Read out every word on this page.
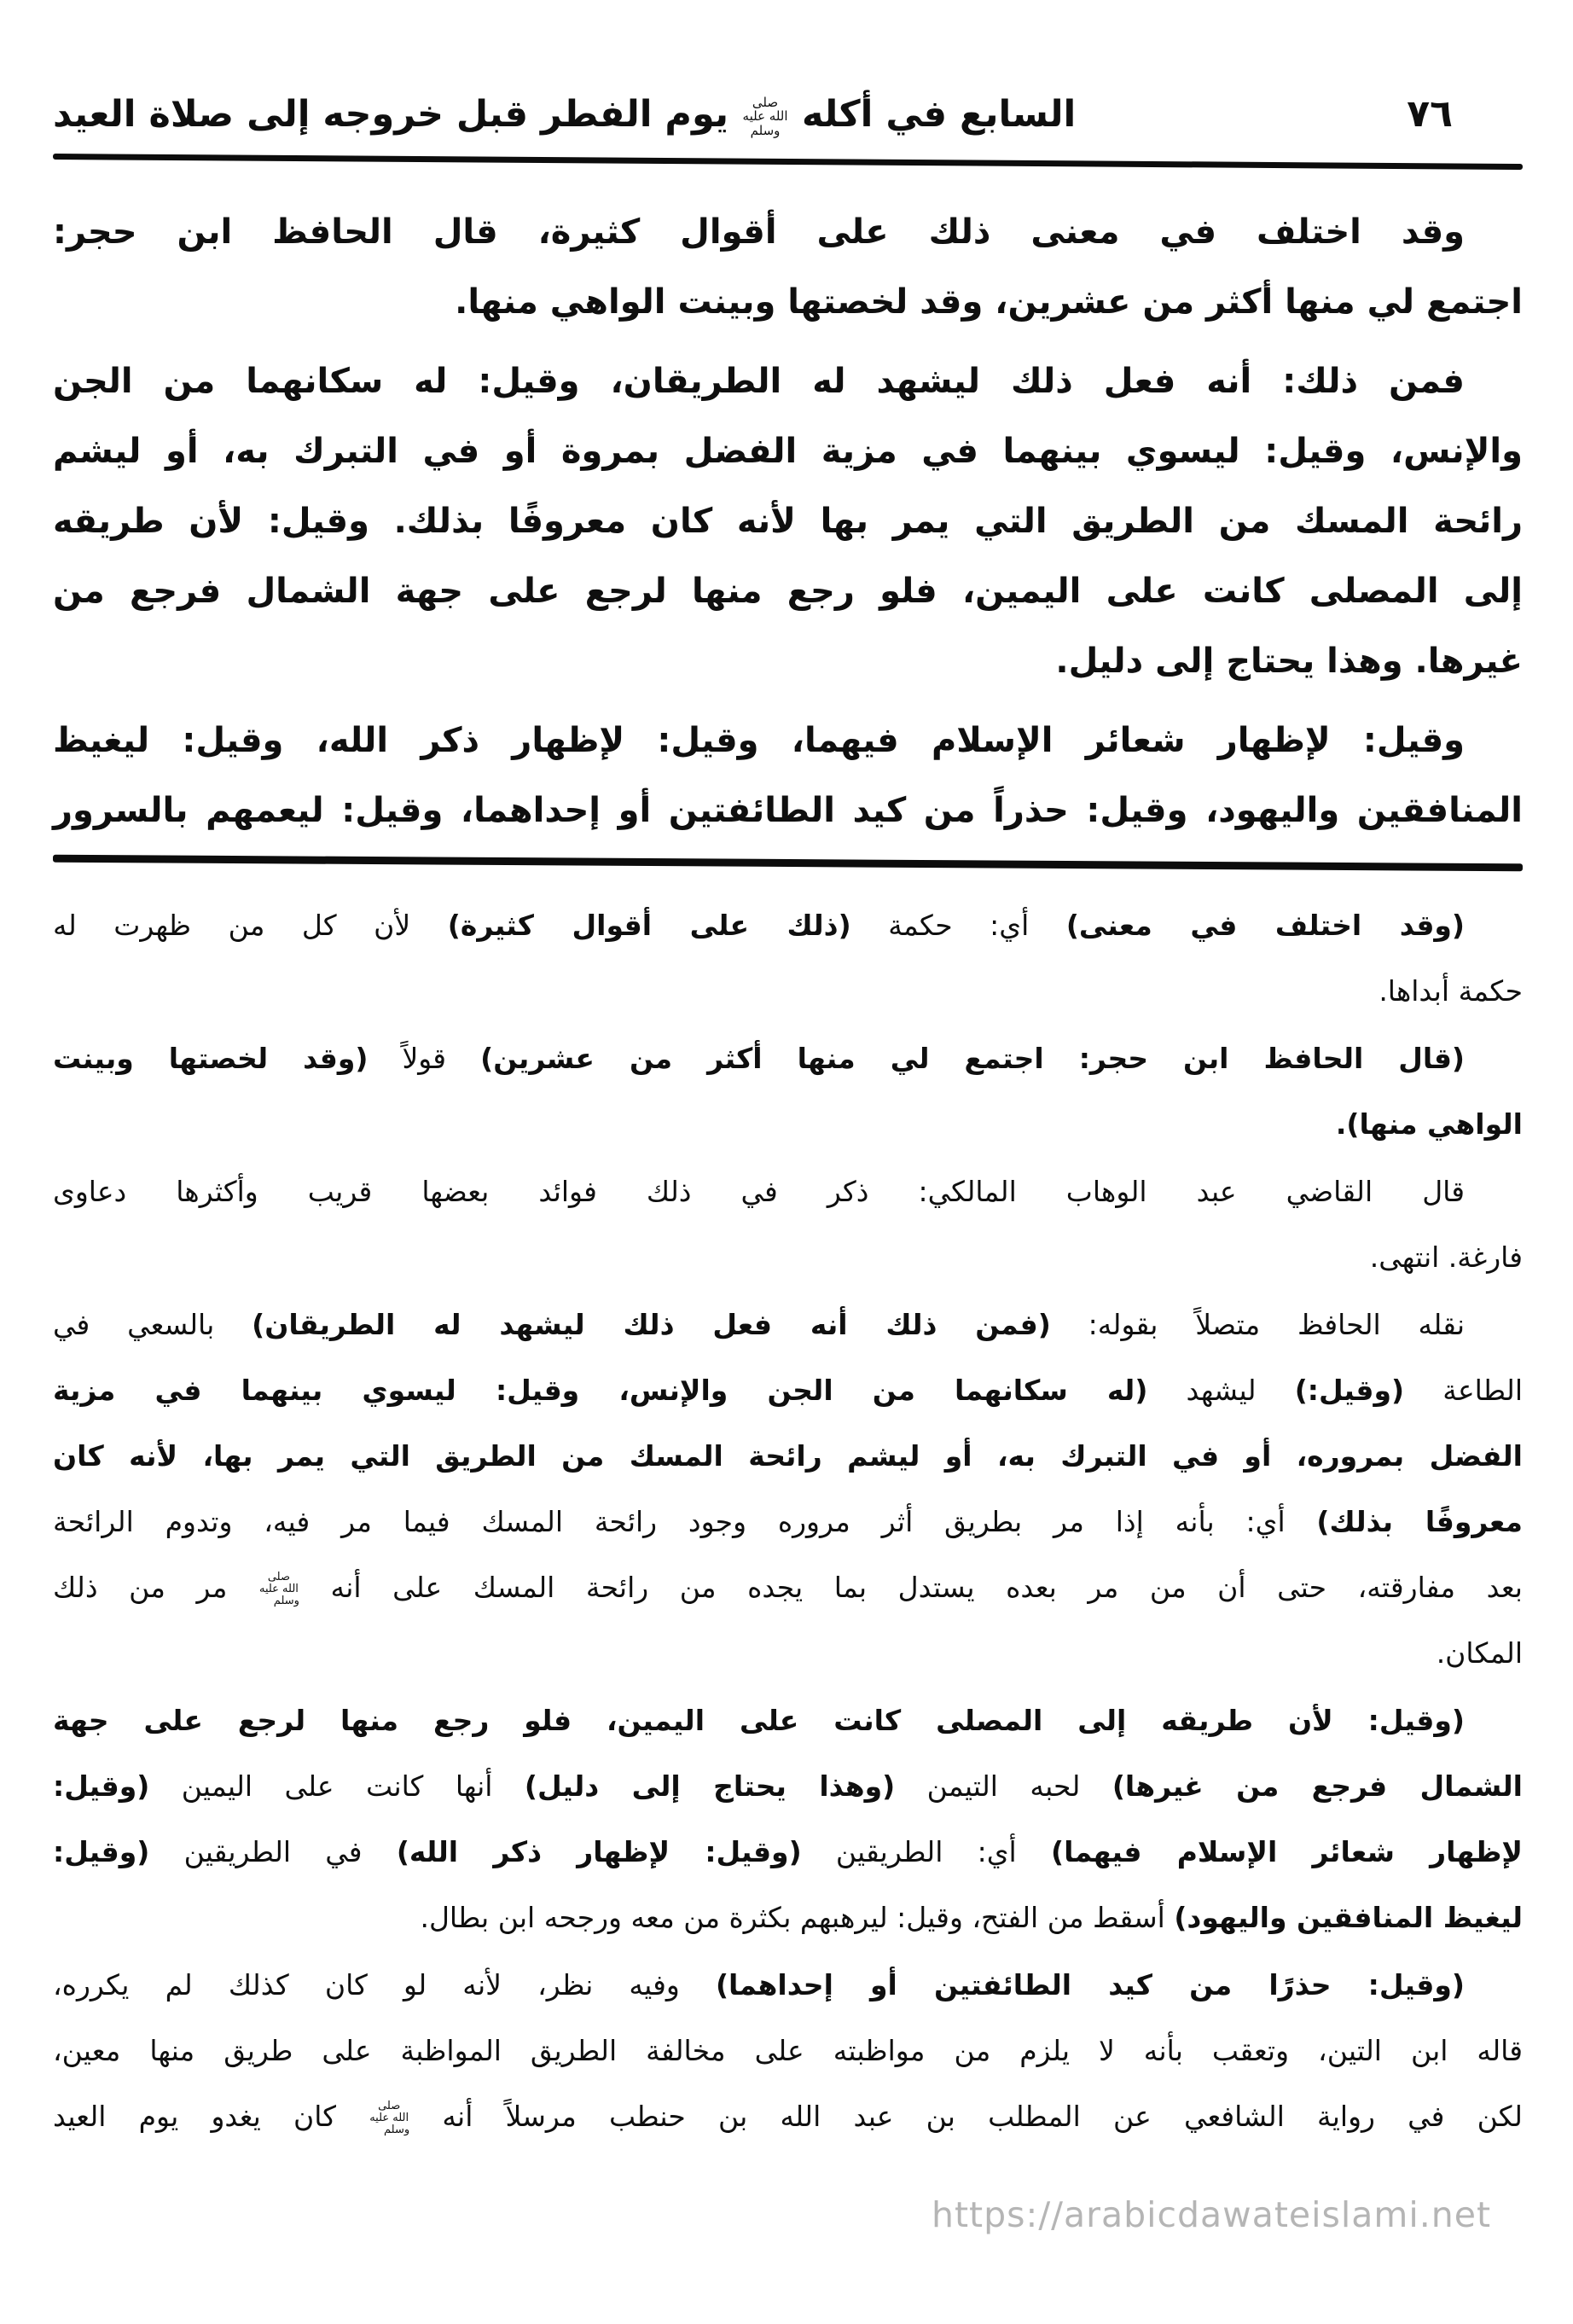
٧٦
السابع في أكله صلى الله عليه وسلم يوم الفطر قبل خروجه إلى صلاة العيد
وقد اختلف في معنى ذلك على أقوال كثيرة، قال الحافظ ابن حجر:
اجتمع لي منها أكثر من عشرين، وقد لخصتها وبينت الواهي منها.
فمن ذلك: أنه فعل ذلك ليشهد له الطريقان، وقيل: له سكانهما من الجن
والإنس، وقيل: ليسوي بينهما في مزية الفضل بمروة أو في التبرك به، أو ليشم
رائحة المسك من الطريق التي يمر بها لأنه كان معروفًا بذلك. وقيل: لأن طريقه
إلى المصلى كانت على اليمين، فلو رجع منها لرجع على جهة الشمال فرجع من
غيرها. وهذا يحتاج إلى دليل.
وقيل: لإظهار شعائر الإسلام فيهما، وقيل: لإظهار ذكر الله، وقيل: ليغيظ
المنافقين واليهود، وقيل: حذراً من كيد الطائفتين أو إحداهما، وقيل: ليعمهم بالسرور
(وقد اختلف في معنى) أي: حكمة (ذلك على أقوال كثيرة) لأن كل من ظهرت له
حكمة أبداها.
(قال الحافظ ابن حجر: اجتمع لي منها أكثر من عشرين) قولاً (وقد لخصتها وبينت
الواهي منها).
قال القاضي عبد الوهاب المالكي: ذكر في ذلك فوائد بعضها قريب وأكثرها دعاوى
فارغة. انتهى.
نقله الحافظ متصلاً بقوله: (فمن ذلك أنه فعل ذلك ليشهد له الطريقان) بالسعي في
الطاعة (وقيل:) ليشهد (له سكانهما من الجن والإنس، وقيل: ليسوي بينهما في مزية
الفضل بمروره، أو في التبرك به، أو ليشم رائحة المسك من الطريق التي يمر بها، لأنه كان
معروفًا بذلك) أي: بأنه إذا مر بطريق أثر مروره وجود رائحة المسك فيما مر فيه، وتدوم الرائحة
بعد مفارقته، حتى أن من مر بعده يستدل بما يجده من رائحة المسك على أنه صلى الله عليه وسلم مر من ذلك
المكان.
(وقيل: لأن طريقه إلى المصلى كانت على اليمين، فلو رجع منها لرجع على جهة
الشمال فرجع من غيرها) لحبه التيمن (وهذا يحتاج إلى دليل) أنها كانت على اليمين (وقيل:
لإظهار شعائر الإسلام فيهما) أي: الطريقين (وقيل: لإظهار ذكر الله) في الطريقين (وقيل:
ليغيظ المنافقين واليهود) أسقط من الفتح، وقيل: ليرهبهم بكثرة من معه ورجحه ابن بطال.
(وقيل: حذرًا من كيد الطائفتين أو إحداهما) وفيه نظر، لأنه لو كان كذلك لم يكرره،
قاله ابن التين، وتعقب بأنه لا يلزم من مواظبته على مخالفة الطريق المواظبة على طريق منها معين،
لكن في رواية الشافعي عن المطلب بن عبد الله بن حنطب مرسلاً أنه صلى الله عليه وسلم كان يغدو يوم العيد
https://arabicdawateislami.net
